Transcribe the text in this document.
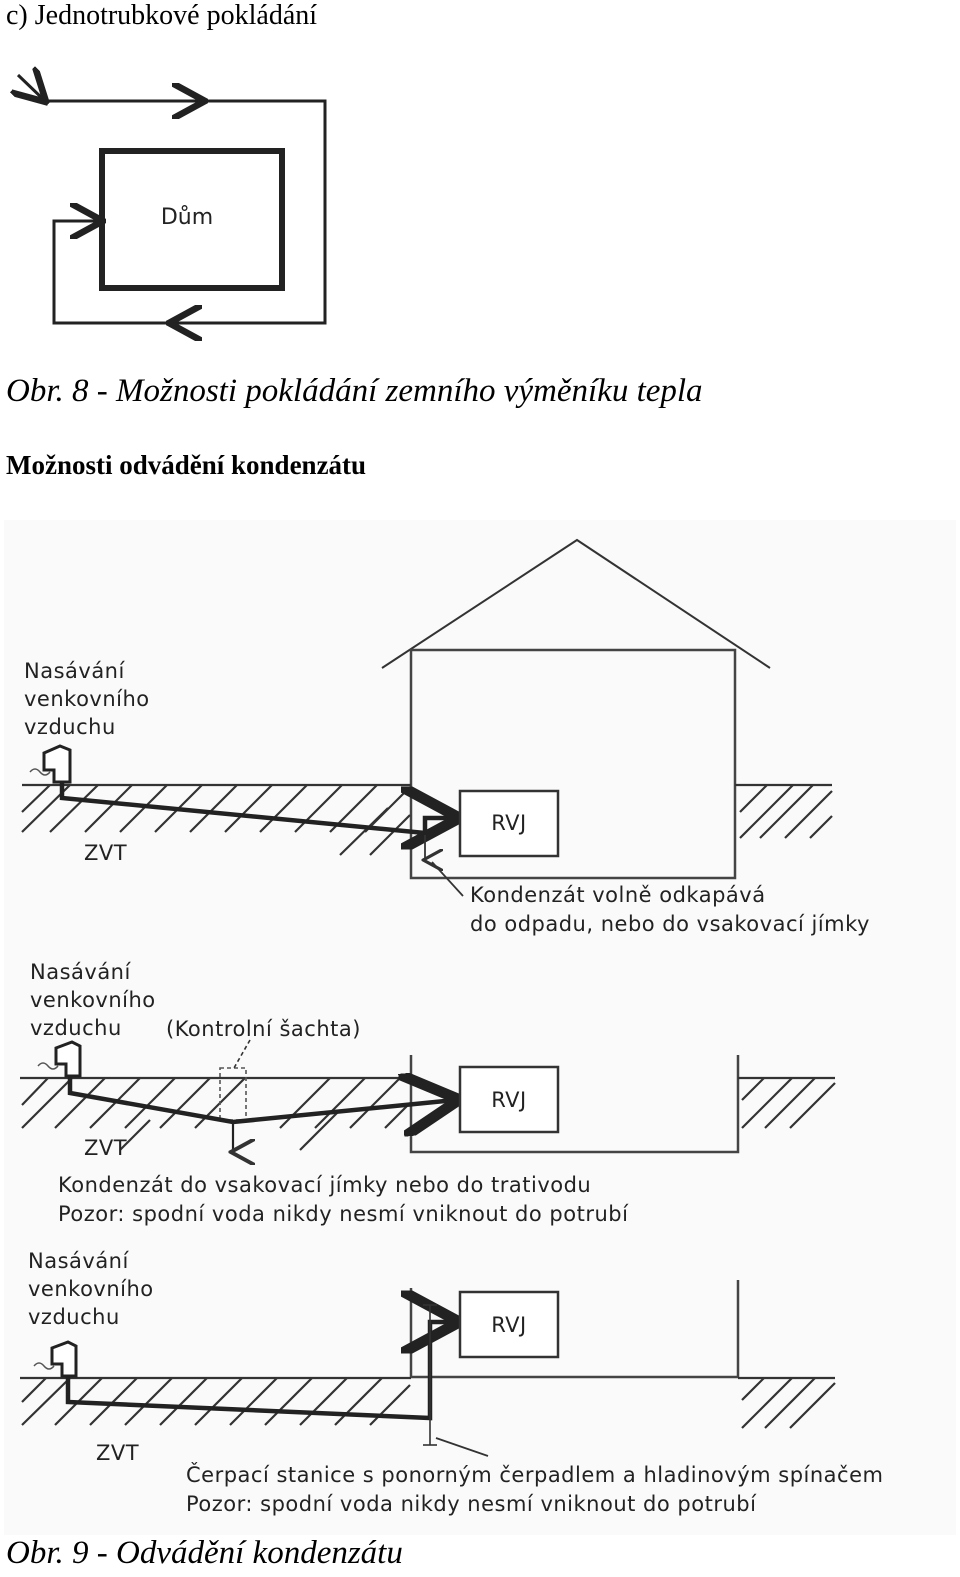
c) Jednotrubkové pokládání
Dům
Obr. 8 - Možnosti pokládání zemního výměníku tepla
Možnosti odvádění kondenzátu
RVJ
Nasávání
venkovního
vzduchu
ZVT
Kondenzát volně odkapává
do odpadu, nebo do vsakovací jímky
RVJ
Nasávání
venkovního
vzduchu (Kontrolní šachta)
ZVT
Kondenzát do vsakovací jímky nebo do trativodu
Pozor: spodní voda nikdy nesmí vniknout do potrubí
RVJ
Nasávání
venkovního
vzduchu
ZVT
Čerpací stanice s ponorným čerpadlem a hladinovým spínačem
Pozor: spodní voda nikdy nesmí vniknout do potrubí
Obr. 9 - Odvádění kondenzátu
